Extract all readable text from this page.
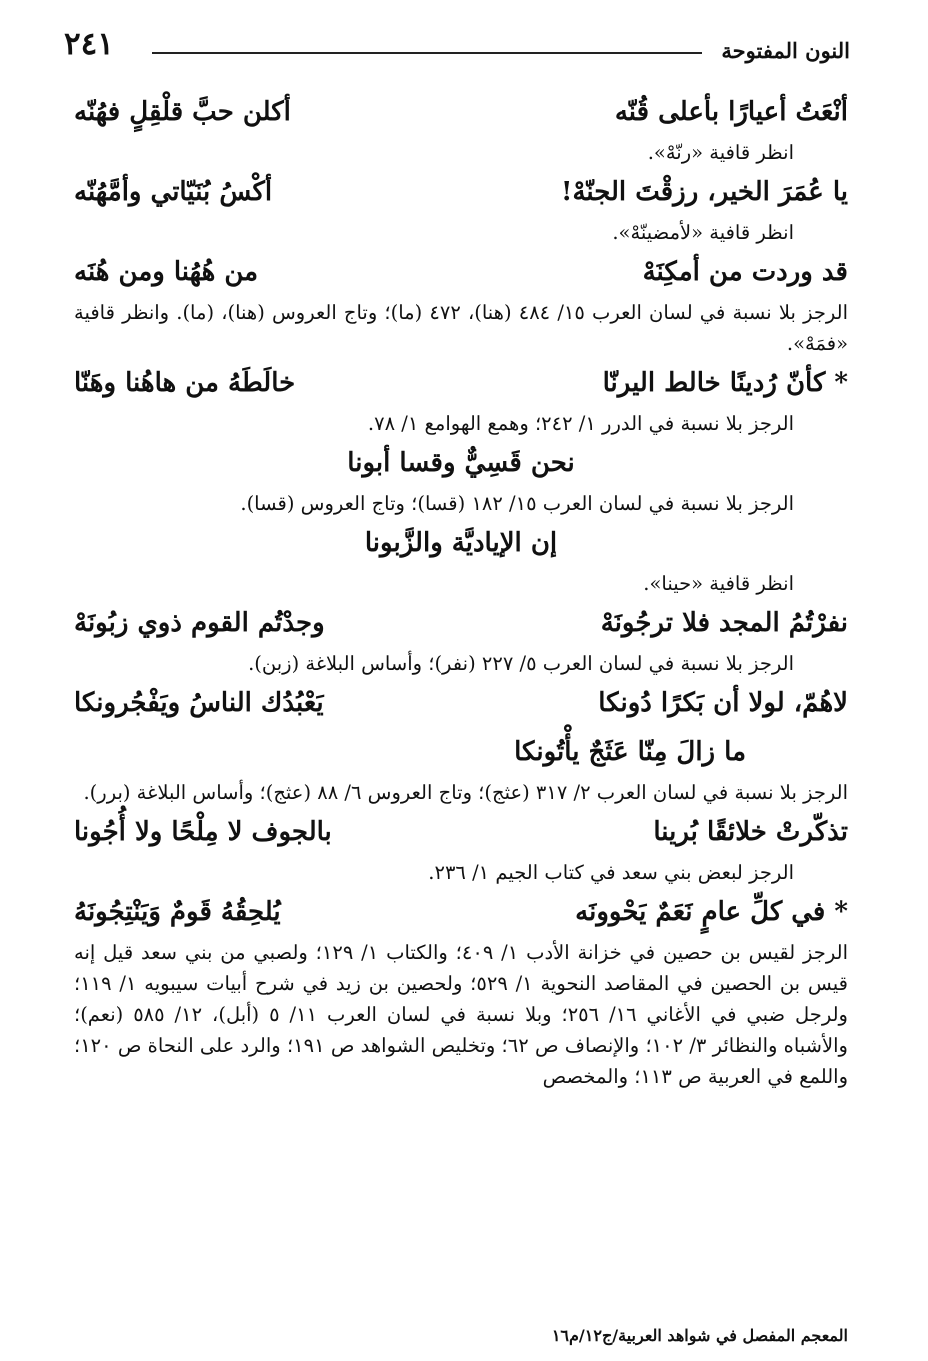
النون المفتوحة
٢٤١
أنْعَتُ أعيارًا بأعلى قُنّه
أكلن حبَّ قلْقِلٍ فهُنّه
انظر قافية «رنّهْ».
يا عُمَرَ الخير، رزقْتَ الجنّهْ!
أكْسُ بُنَيّاتي وأمَّهُنّه
انظر قافية «لأمضينّهْ».
قد وردت من أمكِنَهْ
من هُهُنا ومن هُنَه
الرجز بلا نسبة في لسان العرب ١٥/ ٤٨٤ (هنا)، ٤٧٢ (ما)؛ وتاج العروس (هنا)، (ما). وانظر قافية «فمَهْ».
* كأنّ رُدينًا خالط اليرنّا
خالَطَهُ من هاهُنا وهَنّا
الرجز بلا نسبة في الدرر ١/ ٢٤٢؛ وهمع الهوامع ١/ ٧٨.
نحن قَسِيٌّ وقسا أبونا
الرجز بلا نسبة في لسان العرب ١٥/ ١٨٢ (قسا)؛ وتاج العروس (قسا).
إن الإياديَّة والزَّبونا
انظر قافية «حينا».
نفرْتُمُ المجد فلا ترجُونَهْ
وجدْتُم القوم ذوي زبُونَهْ
الرجز بلا نسبة في لسان العرب ٥/ ٢٢٧ (نفر)؛ وأساس البلاغة (زبن).
لاهُمّ، لولا أن بَكرًا دُونكا
يَعْبُدُك الناسُ ويَفْجُرونكا
ما زالَ مِنّا عَثَجٌ يأْتُونكا
الرجز بلا نسبة في لسان العرب ٢/ ٣١٧ (عثج)؛ وتاج العروس ٦/ ٨٨ (عثج)؛ وأساس البلاغة (برر).
تذكّرتْ خلائقًا بُرينا
بالجوف لا مِلْحًا ولا أُجُونا
الرجز لبعض بني سعد في كتاب الجيم ١/ ٢٣٦.
* في كلِّ عامٍ نَعَمٌ يَحْوونَه
يُلحِقُهُ قَومٌ وَيَنْتِجُونَهُ
الرجز لقيس بن حصين في خزانة الأدب ١/ ٤٠٩؛ والكتاب ١/ ١٢٩؛ ولصبي من بني سعد قيل إنه قيس بن الحصين في المقاصد النحوية ١/ ٥٢٩؛ ولحصين بن زيد في شرح أبيات سيبويه ١/ ١١٩؛ ولرجل ضبي في الأغاني ١٦/ ٢٥٦؛ وبلا نسبة في لسان العرب ١١/ ٥ (أبل)، ١٢/ ٥٨٥ (نعم)؛ والأشباه والنظائر ٣/ ١٠٢؛ والإنصاف ص ٦٢؛ وتخليص الشواهد ص ١٩١؛ والرد على النحاة ص ١٢٠؛ واللمع في العربية ص ١١٣؛ والمخصص
المعجم المفصل في شواهد العربية/ج١٢/م١٦
